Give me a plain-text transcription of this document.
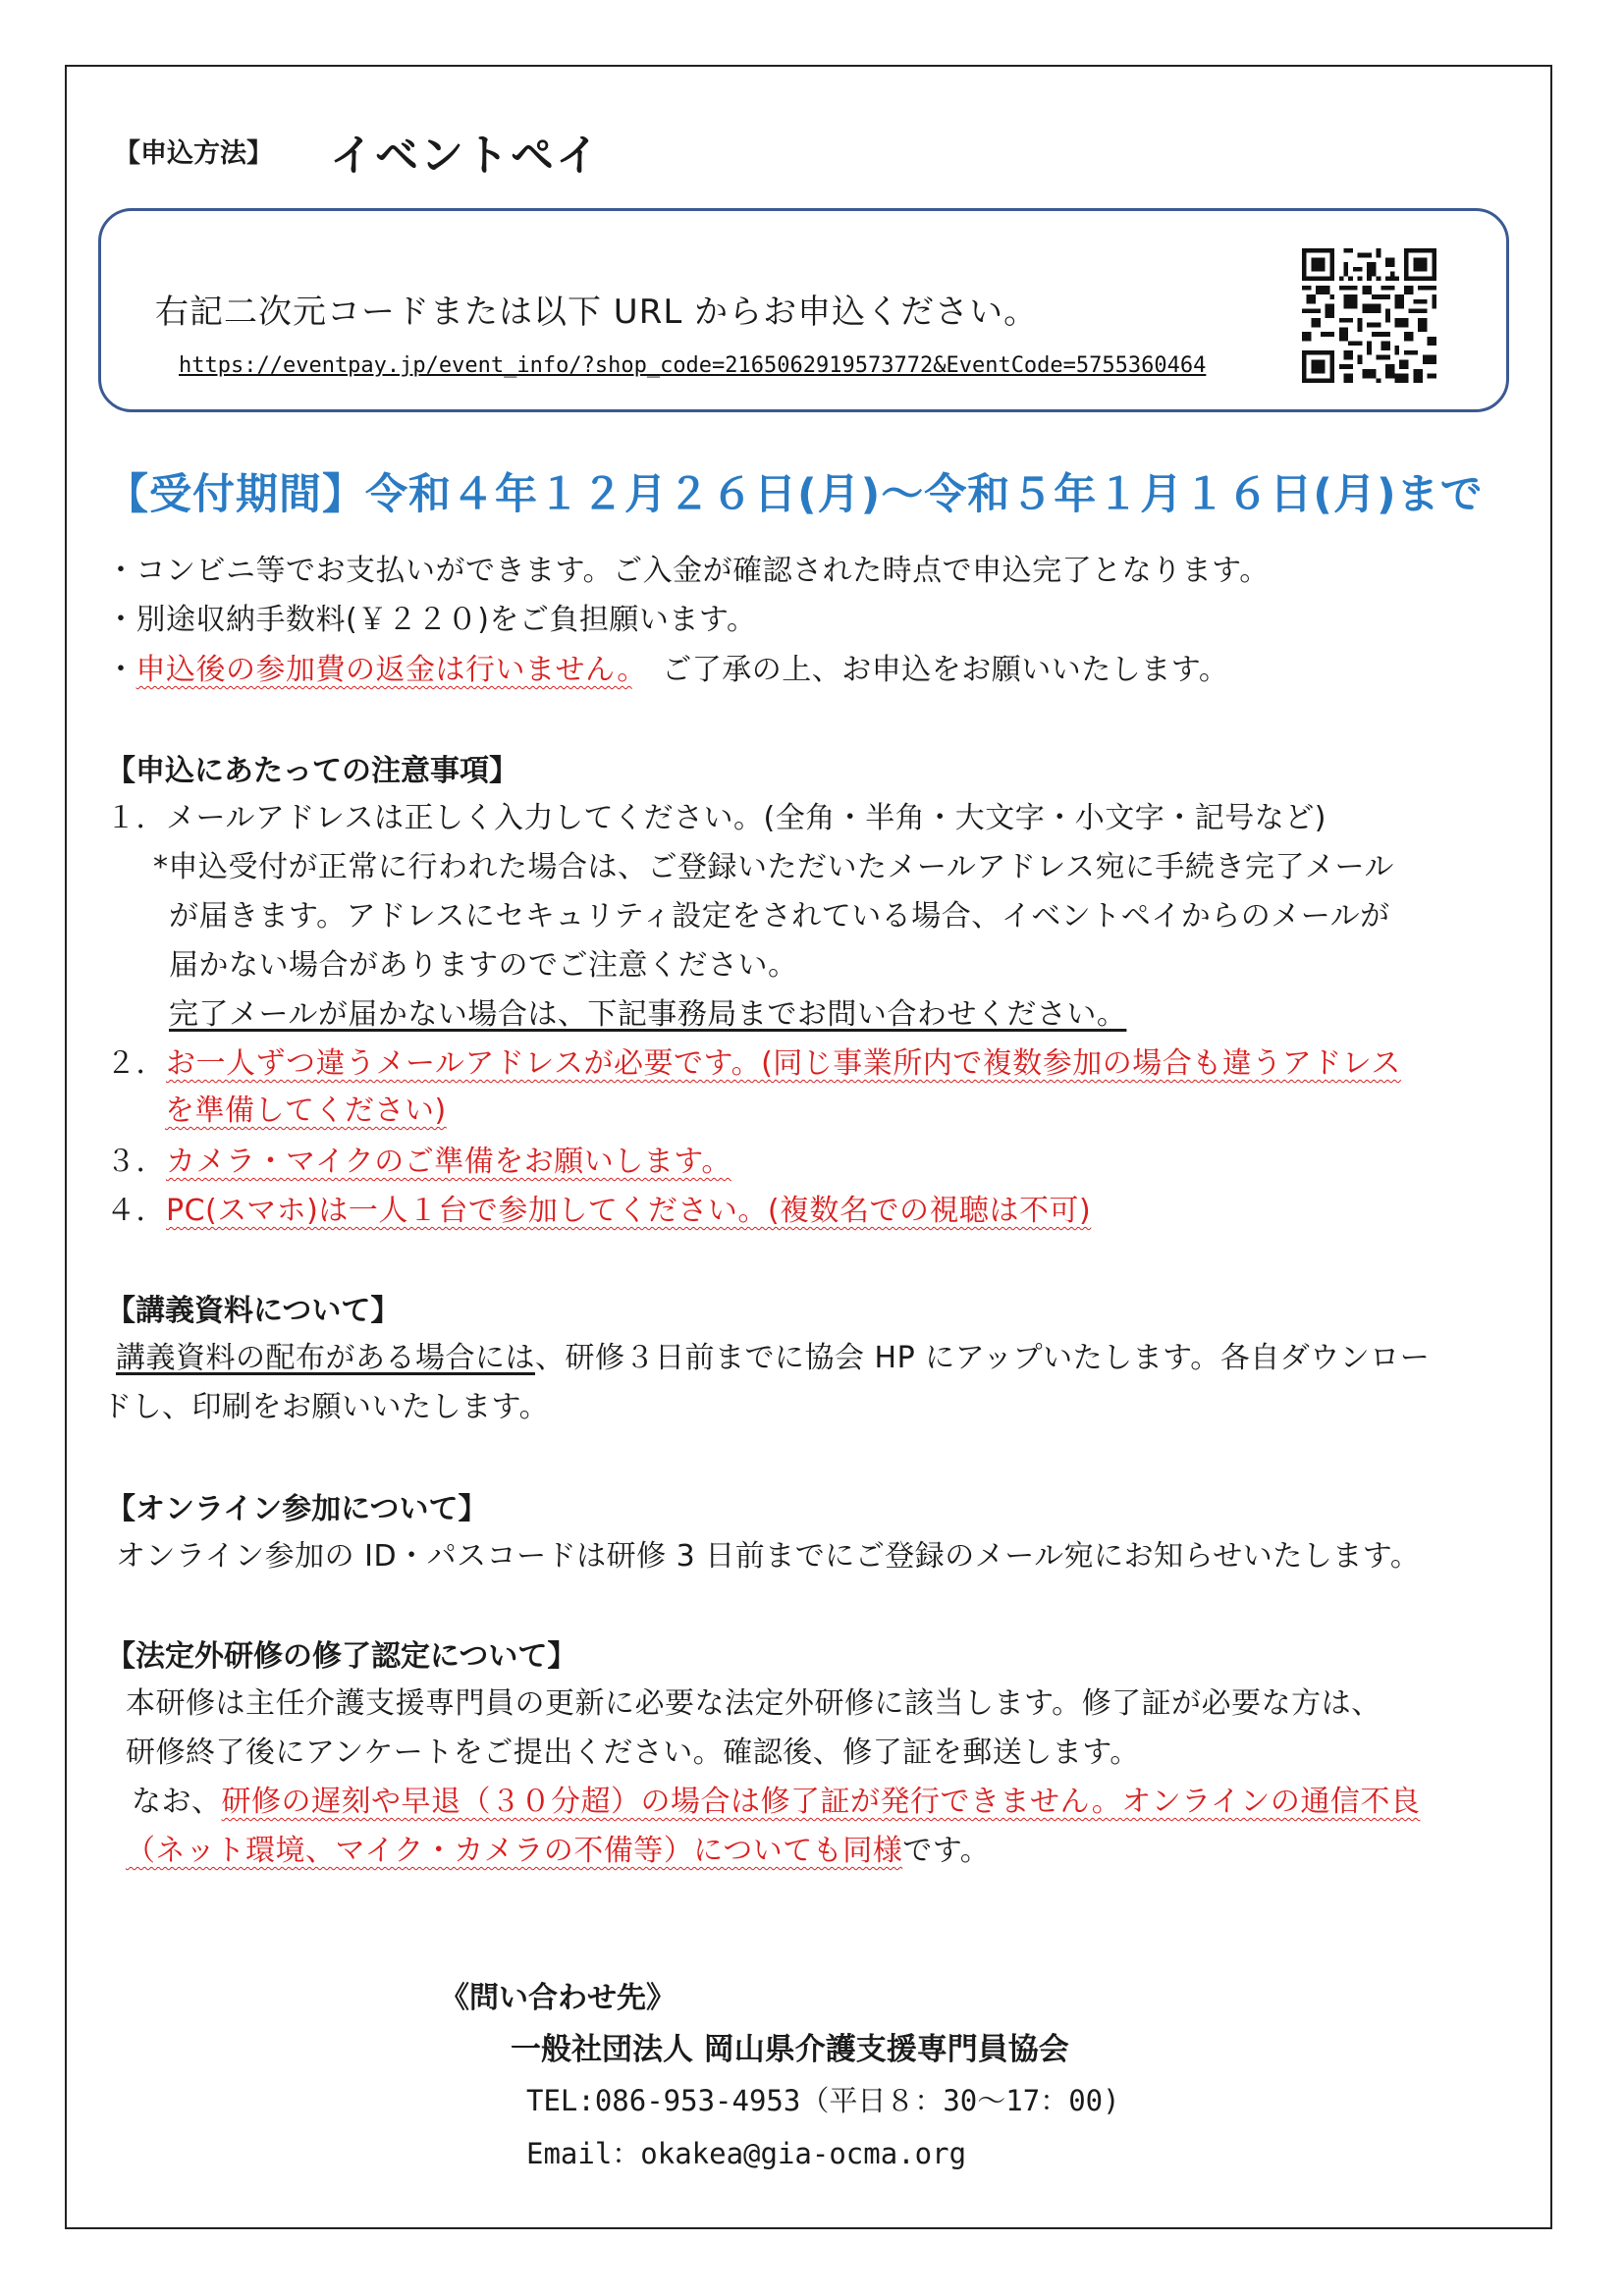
【申込方法】 イベントペイ
右記二次元コードまたは以下 URL からお申込ください。
https://eventpay.jp/event_info/?shop_code=2165062919573772&EventCode=5755360464
【受付期間】令和４年１２月２６日(月)〜令和５年１月１６日(月)まで
・コンビニ等でお支払いができます。ご入金が確認された時点で申込完了となります。
・別途収納手数料(￥２２０)をご負担願います。
・申込後の参加費の返金は行いません。　ご了承の上、お申込をお願いいたします。
【申込にあたっての注意事項】
１．メールアドレスは正しく入力してください。(全角・半角・大文字・小文字・記号など)
*申込受付が正常に行われた場合は、ご登録いただいたメールアドレス宛に手続き完了メール
が届きます。アドレスにセキュリティ設定をされている場合、イベントペイからのメールが
届かない場合がありますのでご注意ください。
完了メールが届かない場合は、下記事務局までお問い合わせください。
２．お一人ずつ違うメールアドレスが必要です。(同じ事業所内で複数参加の場合も違うアドレス
を準備してください)
３．カメラ・マイクのご準備をお願いします。
４．PC(スマホ)は一人１台で参加してください。(複数名での視聴は不可)
【講義資料について】
講義資料の配布がある場合には、研修３日前までに協会 HP にアップいたします。各自ダウンロー
ドし、印刷をお願いいたします。
【オンライン参加について】
オンライン参加の ID・パスコードは研修 3 日前までにご登録のメール宛にお知らせいたします。
【法定外研修の修了認定について】
本研修は主任介護支援専門員の更新に必要な法定外研修に該当します。修了証が必要な方は、
研修終了後にアンケートをご提出ください。確認後、修了証を郵送します。
なお、研修の遅刻や早退（３０分超）の場合は修了証が発行できません。オンラインの通信不良
（ネット環境、マイク・カメラの不備等）についても同様です。
《問い合わせ先》
一般社団法人 岡山県介護支援専門員協会
TEL:086-953-4953（平日８：30〜17：00)
Email：okakea@gia-ocma.org
